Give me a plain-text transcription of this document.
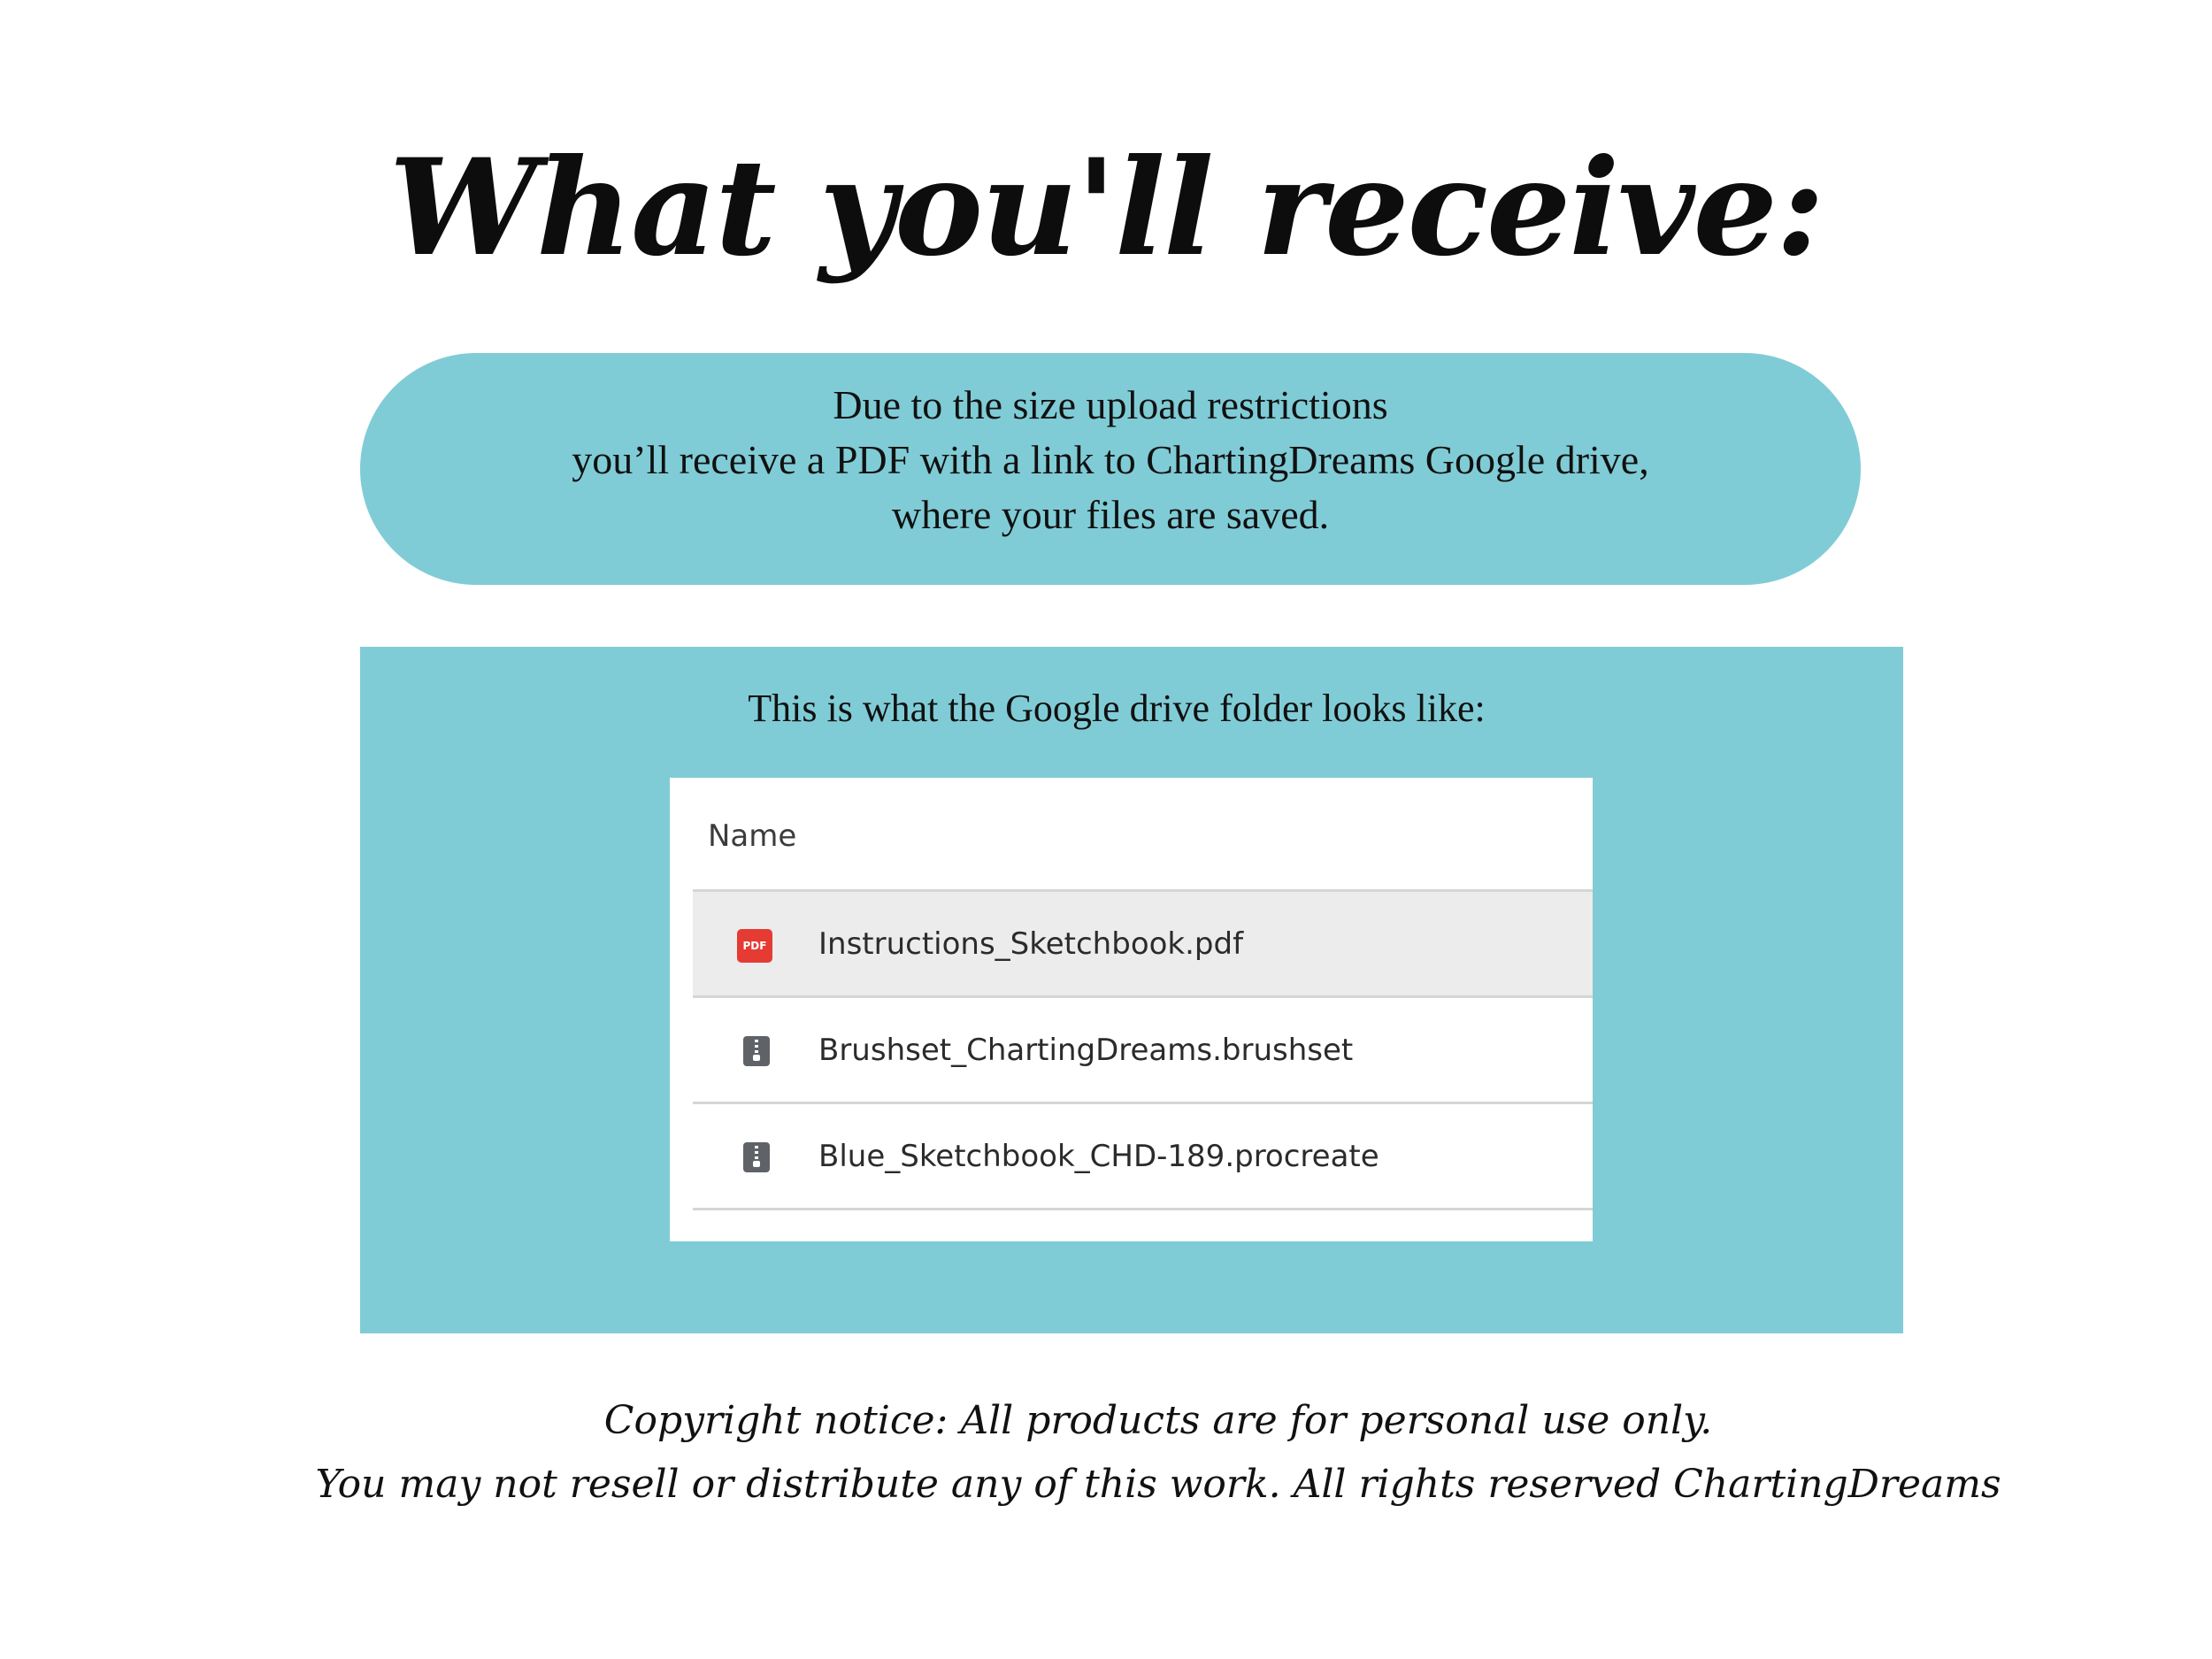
What you'll receive:
Due to the size upload restrictions
you’ll receive a PDF with a link to ChartingDreams Google drive,
where your files are saved.
This is what the Google drive folder looks like:
Name
PDF Instructions_Sketchbook.pdf
Brushset_ChartingDreams.brushset
Blue_Sketchbook_CHD-189.procreate
Copyright notice: All products are for personal use only.
You may not resell or distribute any of this work. All rights reserved ChartingDreams
